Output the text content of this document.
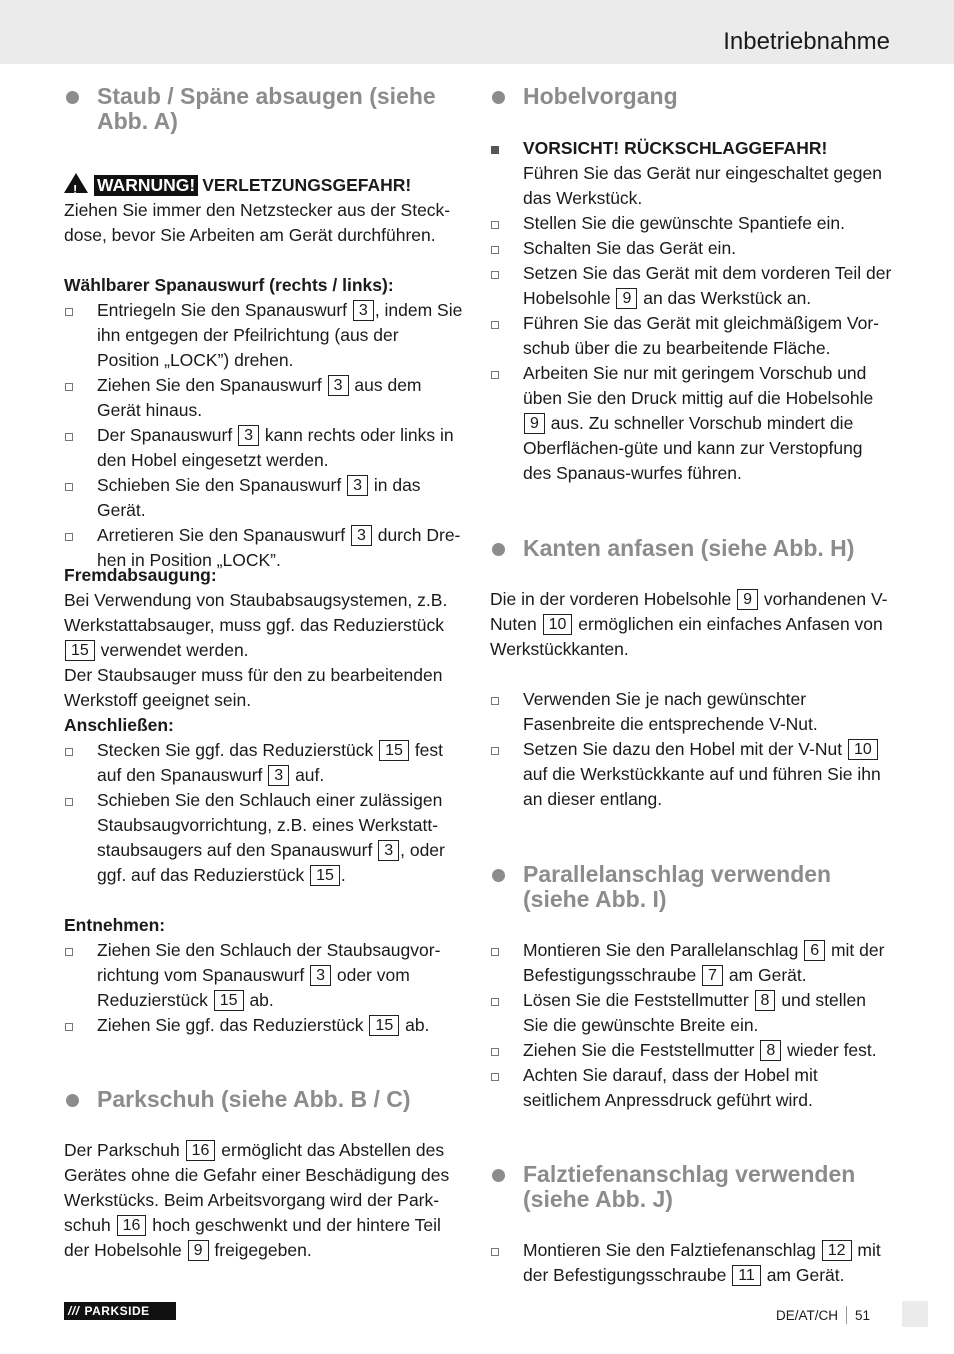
Inbetriebnahme
Staub / Späne absaugen (siehe Abb. A)
! WARNUNG! VERLETZUNGSGEFAHR!

Ziehen Sie immer den Netzstecker aus der Steck-dose, bevor Sie Arbeiten am Gerät durchführen.

Wählbarer Spanauswurf (rechts / links):

Entriegeln Sie den Spanauswurf 3 , indem Sie ihn entgegen der Pfeilrichtung (aus der Position „LOCK”) drehen.
Ziehen Sie den Spanauswurf 3 aus dem Gerät hinaus.
Der Spanauswurf 3 kann rechts oder links in den Hobel eingesetzt werden.
Schieben Sie den Spanauswurf 3 in das Gerät.
Arretieren Sie den Spanauswurf 3 durch Dre-hen in Position „LOCK”.

Fremdabsaugung:

Bei Verwendung von Staubabsaugsystemen, z.B. Werkstattabsauger, muss ggf. das Reduzierstück 15 verwendet werden.

Der Staubsauger muss für den zu bearbeitenden Werkstoff geeignet sein.

Anschließen:

Stecken Sie ggf. das Reduzierstück 15 fest auf den Spanauswurf 3 auf.
Schieben Sie den Schlauch einer zulässigen Staubsaugvorrichtung, z.B. eines Werkstatt-staubsaugers auf den Spanauswurf 3 , oder ggf. auf das Reduzierstück 15 .

Entnehmen:

Ziehen Sie den Schlauch der Staubsaugvor-richtung vom Spanauswurf 3 oder vom Reduzierstück 15 ab.
Ziehen Sie ggf. das Reduzierstück 15 ab.
Parkschuh (siehe Abb. B / C)

Der Parkschuh 16 ermöglicht das Abstellen des Gerätes ohne die Gefahr einer Beschädigung des Werkstücks. Beim Arbeitsvorgang wird der Park-schuh 16 hoch geschwenkt und der hintere Teil der Hobelsohle 9 freigegeben.

Hobelvorgang
VORSICHT! RÜCKSCHLAGGEFAHR!
Führen Sie das Gerät nur eingeschaltet gegen das Werkstück.
Stellen Sie die gewünschte Spantiefe ein.
Schalten Sie das Gerät ein.
Setzen Sie das Gerät mit dem vorderen Teil der Hobelsohle 9 an das Werkstück an.
Führen Sie das Gerät mit gleichmäßigem Vor-schub über die zu bearbeitende Fläche.
Arbeiten Sie nur mit geringem Vorschub und üben Sie den Druck mittig auf die Hobelsohle 9 aus. Zu schneller Vorschub mindert die Oberflächen-güte und kann zur Verstopfung des Spanaus-wurfes führen.
Kanten anfasen (siehe Abb. H)

Die in der vorderen Hobelsohle 9 vorhandenen V-Nuten 10 ermöglichen ein einfaches Anfasen von Werkstückkanten.

Verwenden Sie je nach gewünschter Fasenbreite die entsprechende V-Nut.
Setzen Sie dazu den Hobel mit der V-Nut 10 auf die Werkstückkante auf und führen Sie ihn an dieser entlang.
Parallelanschlag verwenden (siehe Abb. I)
Montieren Sie den Parallelanschlag 6 mit der Befestigungsschraube 7 am Gerät.
Lösen Sie die Feststellmutter 8 und stellen Sie die gewünschte Breite ein.
Ziehen Sie die Feststellmutter 8 wieder fest.
Achten Sie darauf, dass der Hobel mit seitlichem Anpressdruck geführt wird.
Falztiefenanschlag verwenden (siehe Abb. J)
Montieren Sie den Falztiefenanschlag 12 mit der Befestigungsschraube 11 am Gerät.
/// PARKSIDE	DE/AT/CH 51
